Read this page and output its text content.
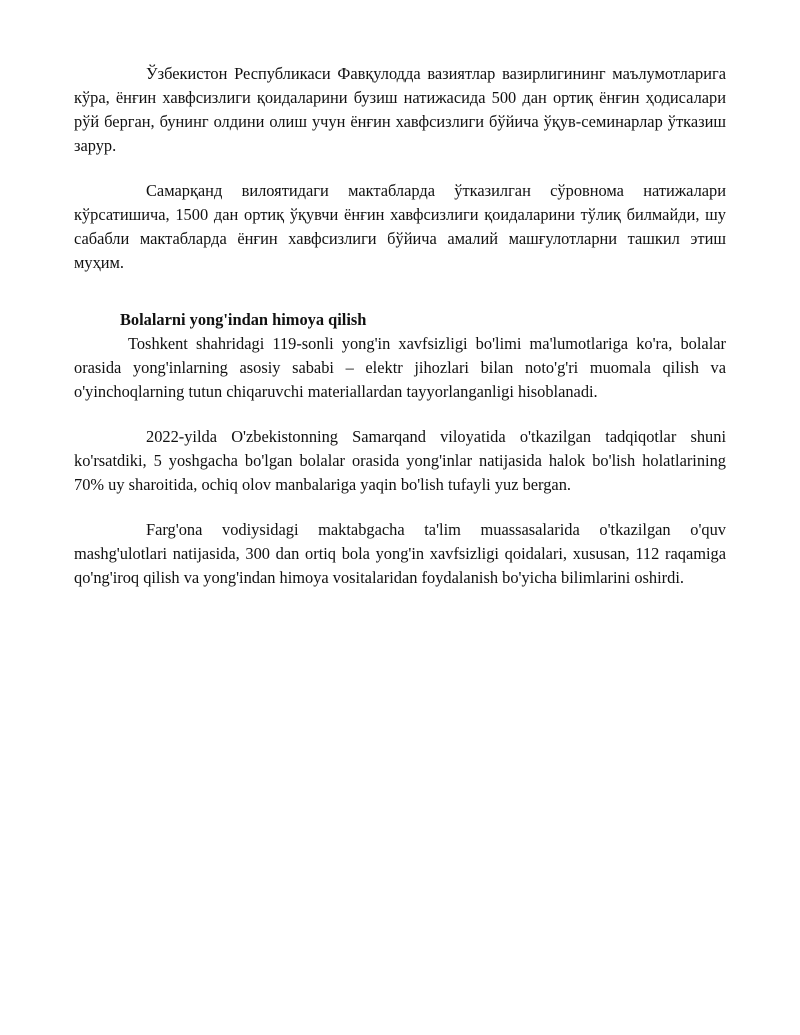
Ўзбекистон Республикаси Фавқулодда вазиятлар вазирлигининг маълумотларига кўра, ёнғин хавфсизлиги қоидаларини бузиш натижасида 500 дан ортиқ ёнғин ҳодисалари рўй берган, бунинг олдини олиш учун ёнғин хавфсизлиги бўйича ўқув-семинарлар ўтказиш зарур.

Самарқанд вилоятидаги мактабларда ўтказилган сўровнома натижалари кўрсатишича, 1500 дан ортиқ ўқувчи ёнғин хавфсизлиги қоидаларини тўлиқ билмайди, шу сабабли мактабларда ёнғин хавфсизлиги бўйича амалий машғулотларни ташкил этиш муҳим.

Bolalarni yong'indan himoya qilish

Toshkent shahridagi 119-sonli yong'in xavfsizligi bo'limi ma'lumotlariga ko'ra, bolalar orasida yong'inlarning asosiy sababi – elektr jihozlari bilan noto'g'ri muomala qilish va o'yinchoqlarning tutun chiqaruvchi materiallardan tayyorlanganligi hisoblanadi.

2022-yilda O'zbekistonning Samarqand viloyatida o'tkazilgan tadqiqotlar shuni ko'rsatdiki, 5 yoshgacha bo'lgan bolalar orasida yong'inlar natijasida halok bo'lish holatlarining 70% uy sharoitida, ochiq olov manbalariga yaqin bo'lish tufayli yuz bergan.

Farg'ona vodiysidagi maktabgacha ta'lim muassasalarida o'tkazilgan o'quv mashg'ulotlari natijasida, 300 dan ortiq bola yong'in xavfsizligi qoidalari, xususan, 112 raqamiga qo'ng'iroq qilish va yong'indan himoya vositalaridan foydalanish bo'yicha bilimlarini oshirdi.
